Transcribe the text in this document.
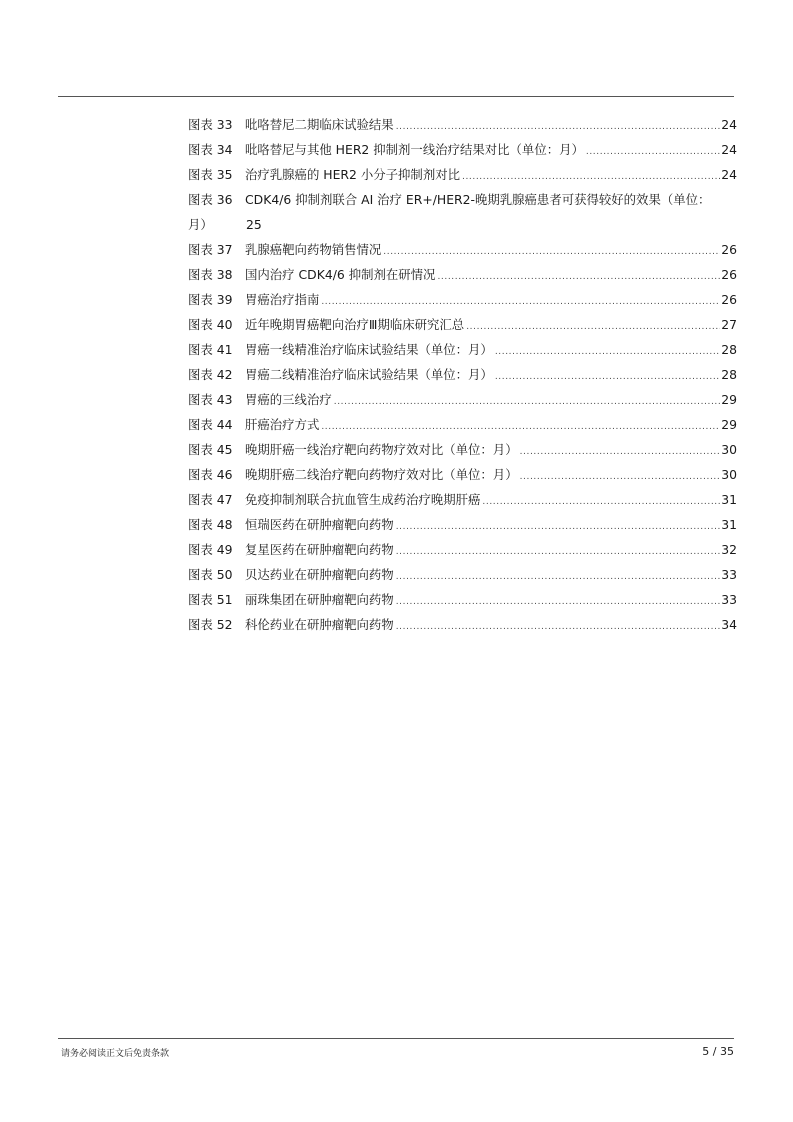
图表 33	吡咯替尼二期临床试验结果 .....	24
图表 34	吡咯替尼与其他 HER2 抑制剂一线治疗结果对比（单位：月） .....	24
图表 35	治疗乳腺癌的 HER2 小分子抑制剂对比 .....	24
图表 36	CDK4/6 抑制剂联合 AI 治疗 ER+/HER2-晚期乳腺癌患者可获得较好的效果（单位：
月）	25
图表 37	乳腺癌靶向药物销售情况 .....	26
图表 38	国内治疗 CDK4/6 抑制剂在研情况 .....	26
图表 39	胃癌治疗指南 .....	26
图表 40	近年晚期胃癌靶向治疗Ⅲ期临床研究汇总 .....	27
图表 41	胃癌一线精准治疗临床试验结果（单位：月） .....	28
图表 42	胃癌二线精准治疗临床试验结果（单位：月） .....	28
图表 43	胃癌的三线治疗 .....	29
图表 44	肝癌治疗方式 .....	29
图表 45	晚期肝癌一线治疗靶向药物疗效对比（单位：月） .....	30
图表 46	晚期肝癌二线治疗靶向药物疗效对比（单位：月） .....	30
图表 47	免疫抑制剂联合抗血管生成药治疗晚期肝癌 .....	31
图表 48	恒瑞医药在研肿瘤靶向药物 .....	31
图表 49	复星医药在研肿瘤靶向药物 .....	32
图表 50	贝达药业在研肿瘤靶向药物 .....	33
图表 51	丽珠集团在研肿瘤靶向药物 .....	33
图表 52	科伦药业在研肿瘤靶向药物 .....	34
请务必阅读正文后免责条款	5 / 35
